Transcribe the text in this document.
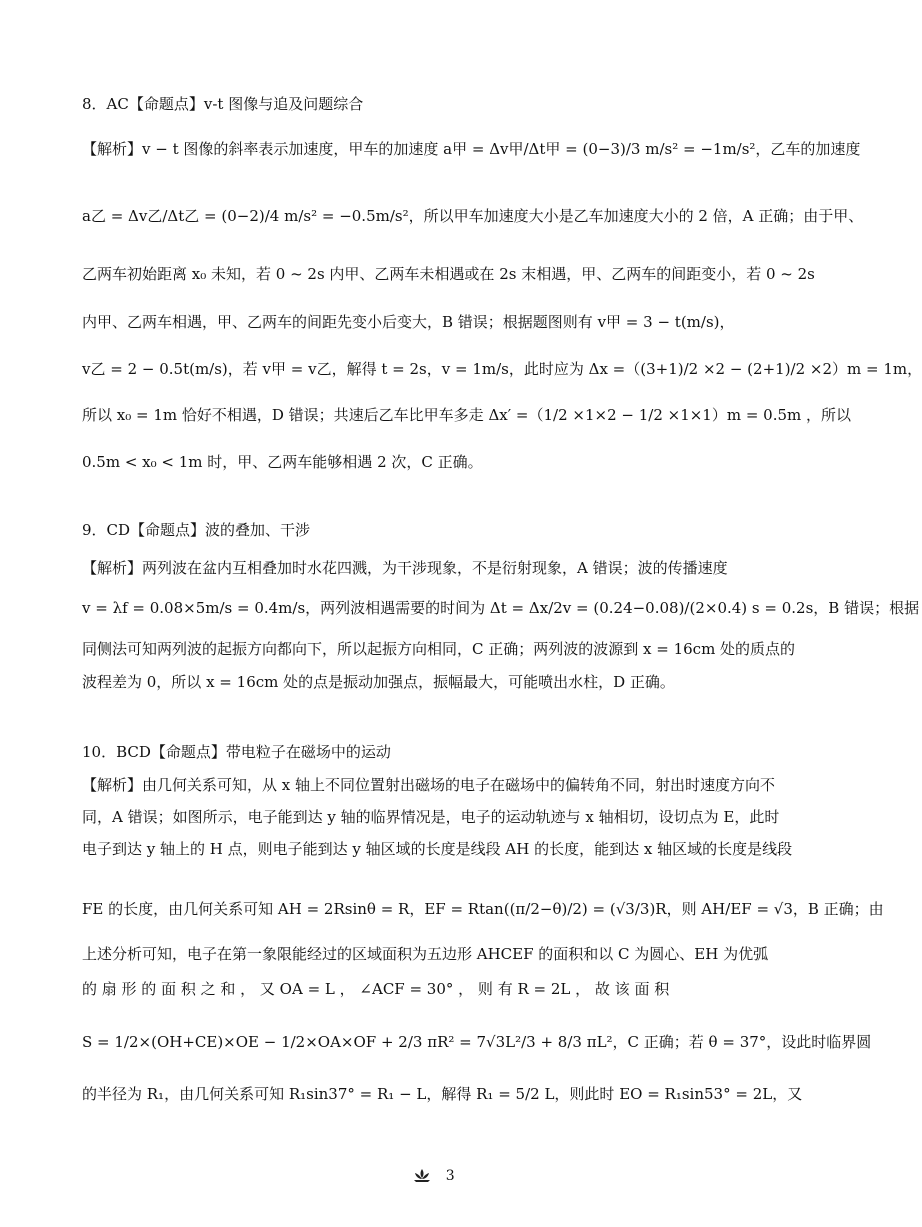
8．AC【命题点】v-t 图像与追及问题综合
【解析】v − t 图像的斜率表示加速度，甲车的加速度 a甲 = Δv甲/Δt甲 = (0−3)/3 m/s² = −1m/s²，乙车的加速度
a乙 = Δv乙/Δt乙 = (0−2)/4 m/s² = −0.5m/s²，所以甲车加速度大小是乙车加速度大小的 2 倍，A 正确；由于甲、
乙两车初始距离 x₀ 未知，若 0 ~ 2s 内甲、乙两车未相遇或在 2s 末相遇，甲、乙两车的间距变小，若 0 ~ 2s
内甲、乙两车相遇，甲、乙两车的间距先变小后变大，B 错误；根据题图则有 v甲 = 3 − t(m/s)，
v乙 = 2 − 0.5t(m/s)，若 v甲 = v乙，解得 t = 2s，v = 1m/s，此时应为 Δx =（(3+1)/2 ×2 − (2+1)/2 ×2）m = 1m，
所以 x₀ = 1m 恰好不相遇，D 错误；共速后乙车比甲车多走 Δx′ =（1/2 ×1×2 − 1/2 ×1×1）m = 0.5m ，所以
0.5m < x₀ < 1m 时，甲、乙两车能够相遇 2 次，C 正确。
9．CD【命题点】波的叠加、干涉
【解析】两列波在盆内互相叠加时水花四溅，为干涉现象，不是衍射现象，A 错误；波的传播速度
v = λf = 0.08×5m/s = 0.4m/s，两列波相遇需要的时间为 Δt = Δx/2v = (0.24−0.08)/(2×0.4) s = 0.2s，B 错误；根据
同侧法可知两列波的起振方向都向下，所以起振方向相同，C 正确；两列波的波源到 x = 16cm 处的质点的
波程差为 0，所以 x = 16cm 处的点是振动加强点，振幅最大，可能喷出水柱，D 正确。
10．BCD【命题点】带电粒子在磁场中的运动
【解析】由几何关系可知，从 x 轴上不同位置射出磁场的电子在磁场中的偏转角不同，射出时速度方向不
同，A 错误；如图所示，电子能到达 y 轴的临界情况是，电子的运动轨迹与 x 轴相切，设切点为 E，此时
电子到达 y 轴上的 H 点，则电子能到达 y 轴区域的长度是线段 AH 的长度，能到达 x 轴区域的长度是线段
FE 的长度，由几何关系可知 AH = 2Rsinθ = R，EF = Rtan((π/2−θ)/2) = (√3/3)R，则 AH/EF = √3，B 正确；由
上述分析可知，电子在第一象限能经过的区域面积为五边形 AHCEF 的面积和以 C 为圆心、EH 为优弧
的 扇 形 的 面 积 之 和 ， 又 OA = L ， ∠ACF = 30° ， 则 有 R = 2L ， 故 该 面 积
S = 1/2×(OH+CE)×OE − 1/2×OA×OF + 2/3 πR² = 7√3L²/3 + 8/3 πL²，C 正确；若 θ = 37°，设此时临界圆
的半径为 R₁，由几何关系可知 R₁sin37° = R₁ − L，解得 R₁ = 5/2 L，则此时 EO = R₁sin53° = 2L，又
3
